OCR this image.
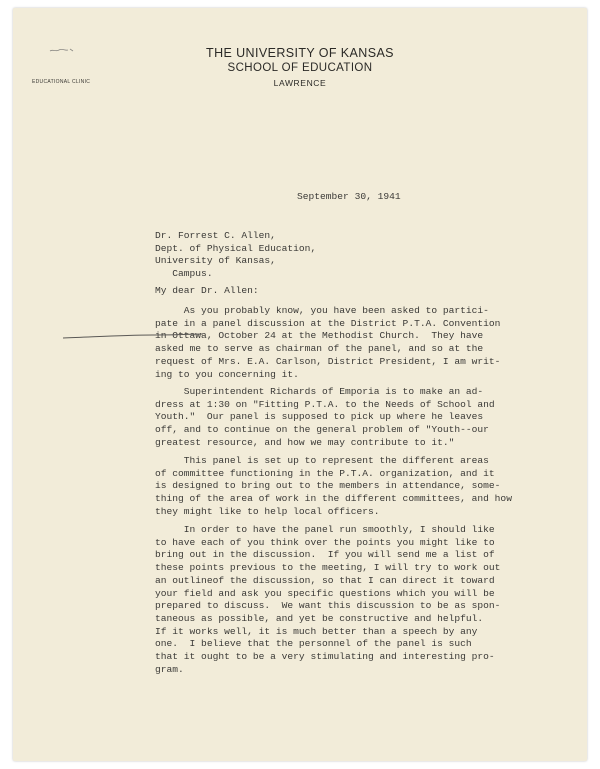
THE UNIVERSITY OF KANSAS
SCHOOL OF EDUCATION
LAWRENCE
EDUCATIONAL CLINIC
September 30, 1941
Dr. Forrest C. Allen,
Dept. of Physical Education,
University of Kansas,
Campus.
My dear Dr. Allen:
As you probably know, you have been asked to partici-
pate in a panel discussion at the District P.T.A. Convention
in Ottawa, October 24 at the Methodist Church.  They have
asked me to serve as chairman of the panel, and so at the
request of Mrs. E.A. Carlson, District President, I am writ-
ing to you concerning it.
Superintendent Richards of Emporia is to make an ad-
dress at 1:30 on "Fitting P.T.A. to the Needs of School and
Youth."  Our panel is supposed to pick up where he leaves
off, and to continue on the general problem of "Youth--our
greatest resource, and how we may contribute to it."
This panel is set up to represent the different areas
of committee functioning in the P.T.A. organization, and it
is designed to bring out to the members in attendance, some-
thing of the area of work in the different committees, and how
they might like to help local officers.
In order to have the panel run smoothly, I should like
to have each of you think over the points you might like to
bring out in the discussion.  If you will send me a list of
these points previous to the meeting, I will try to work out
an outlineof the discussion, so that I can direct it toward
your field and ask you specific questions which you will be
prepared to discuss.  We want this discussion to be as spon-
taneous as possible, and yet be constructive and helpful.
If it works well, it is much better than a speech by any
one.  I believe that the personnel of the panel is such
that it ought to be a very stimulating and interesting pro-
gram.
